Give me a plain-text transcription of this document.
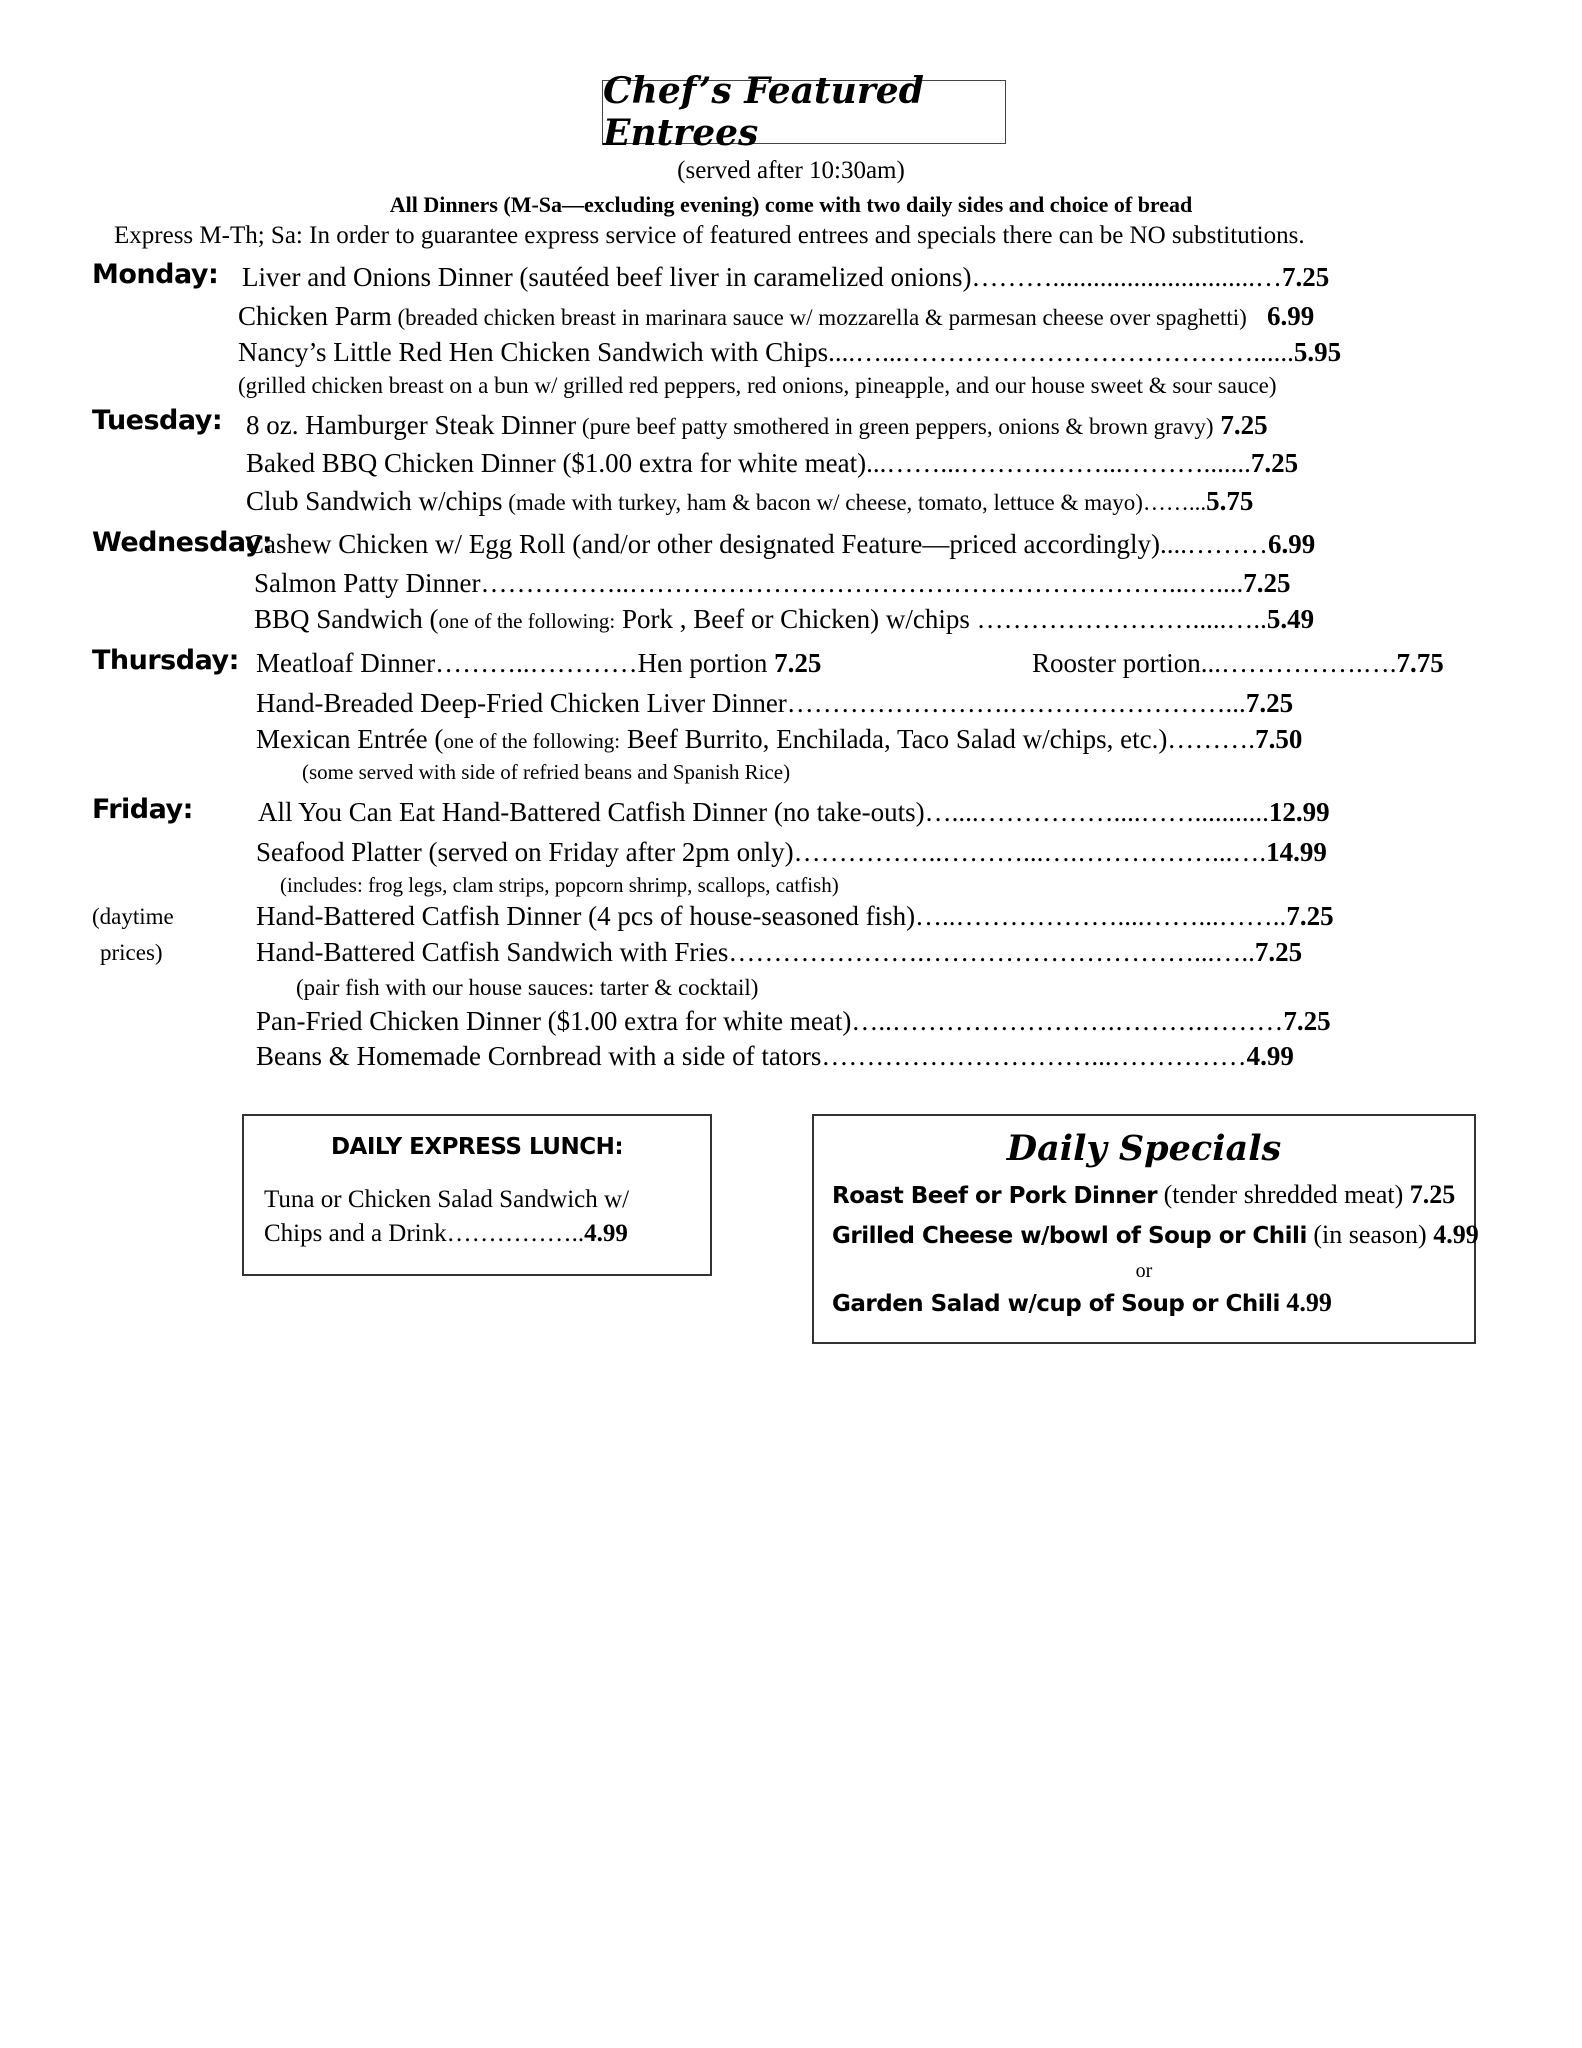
Chef’s Featured Entrees
(served after 10:30am)
All Dinners (M-Sa—excluding evening) come with two daily sides and choice of bread
Express M-Th; Sa: In order to guarantee express service of featured entrees and specials there can be NO substitutions.
Monday: Liver and Onions Dinner (sautéed beef liver in caramelized onions)………..............................…7.25
Chicken Parm (breaded chicken breast in marinara sauce w/ mozzarella & parmesan cheese over spaghetti) 6.99
Nancy’s Little Red Hen Chicken Sandwich with Chips....…...…………………………………......5.95
(grilled chicken breast on a bun w/ grilled red peppers, red onions, pineapple, and our house sweet & sour sauce)
Tuesday: 8 oz. Hamburger Steak Dinner (pure beef patty smothered in green peppers, onions & brown gravy) 7.25
Baked BBQ Chicken Dinner ($1.00 extra for white meat)...……...……….……...……….......7.25
Club Sandwich w/chips (made with turkey, ham & bacon w/ cheese, tomato, lettuce & mayo)……...5.75
Wednesday:
Cashew Chicken w/ Egg Roll (and/or other designated Feature—priced accordingly)....………6.99
Salmon Patty Dinner……………..……………………………………………………...…....7.25
BBQ Sandwich (one of the following: Pork , Beef or Chicken) w/chips …………………….....…..5.49
Thursday: Meatloaf Dinner………..…………Hen portion 7.25	Rooster portion...…………….….7.75
Hand-Breaded Deep-Fried Chicken Liver Dinner…………………….……………………...7.25
Mexican Entrée (one of the following: Beef Burrito, Enchilada, Taco Salad w/chips, etc.)……….7.50
(some served with side of refried beans and Spanish Rice)
Friday: All You Can Eat Hand-Battered Catfish Dinner (no take-outs)…....……………....……...........12.99
Seafood Platter (served on Friday after 2pm only)……………..………...….……………...….14.99
(includes: frog legs, clam strips, popcorn shrimp, scallops, catfish)
(daytime	Hand-Battered Catfish Dinner (4 pcs of house-seasoned fish)…..………………....……...……..7.25
prices)	Hand-Battered Catfish Sandwich with Fries………………….…………………………...…..7.25
(pair fish with our house sauces: tarter & cocktail)
Pan-Fried Chicken Dinner ($1.00 extra for white meat)…..…………………….……….………7.25
Beans & Homemade Cornbread with a side of tators…………………………...……………4.99
DAILY EXPRESS LUNCH:
Tuna or Chicken Salad Sandwich w/
Chips and a Drink……………..4.99
Daily Specials
Roast Beef or Pork Dinner (tender shredded meat) 7.25
Grilled Cheese w/bowl of Soup or Chili (in season) 4.99
or
Garden Salad w/cup of Soup or Chili 4.99
